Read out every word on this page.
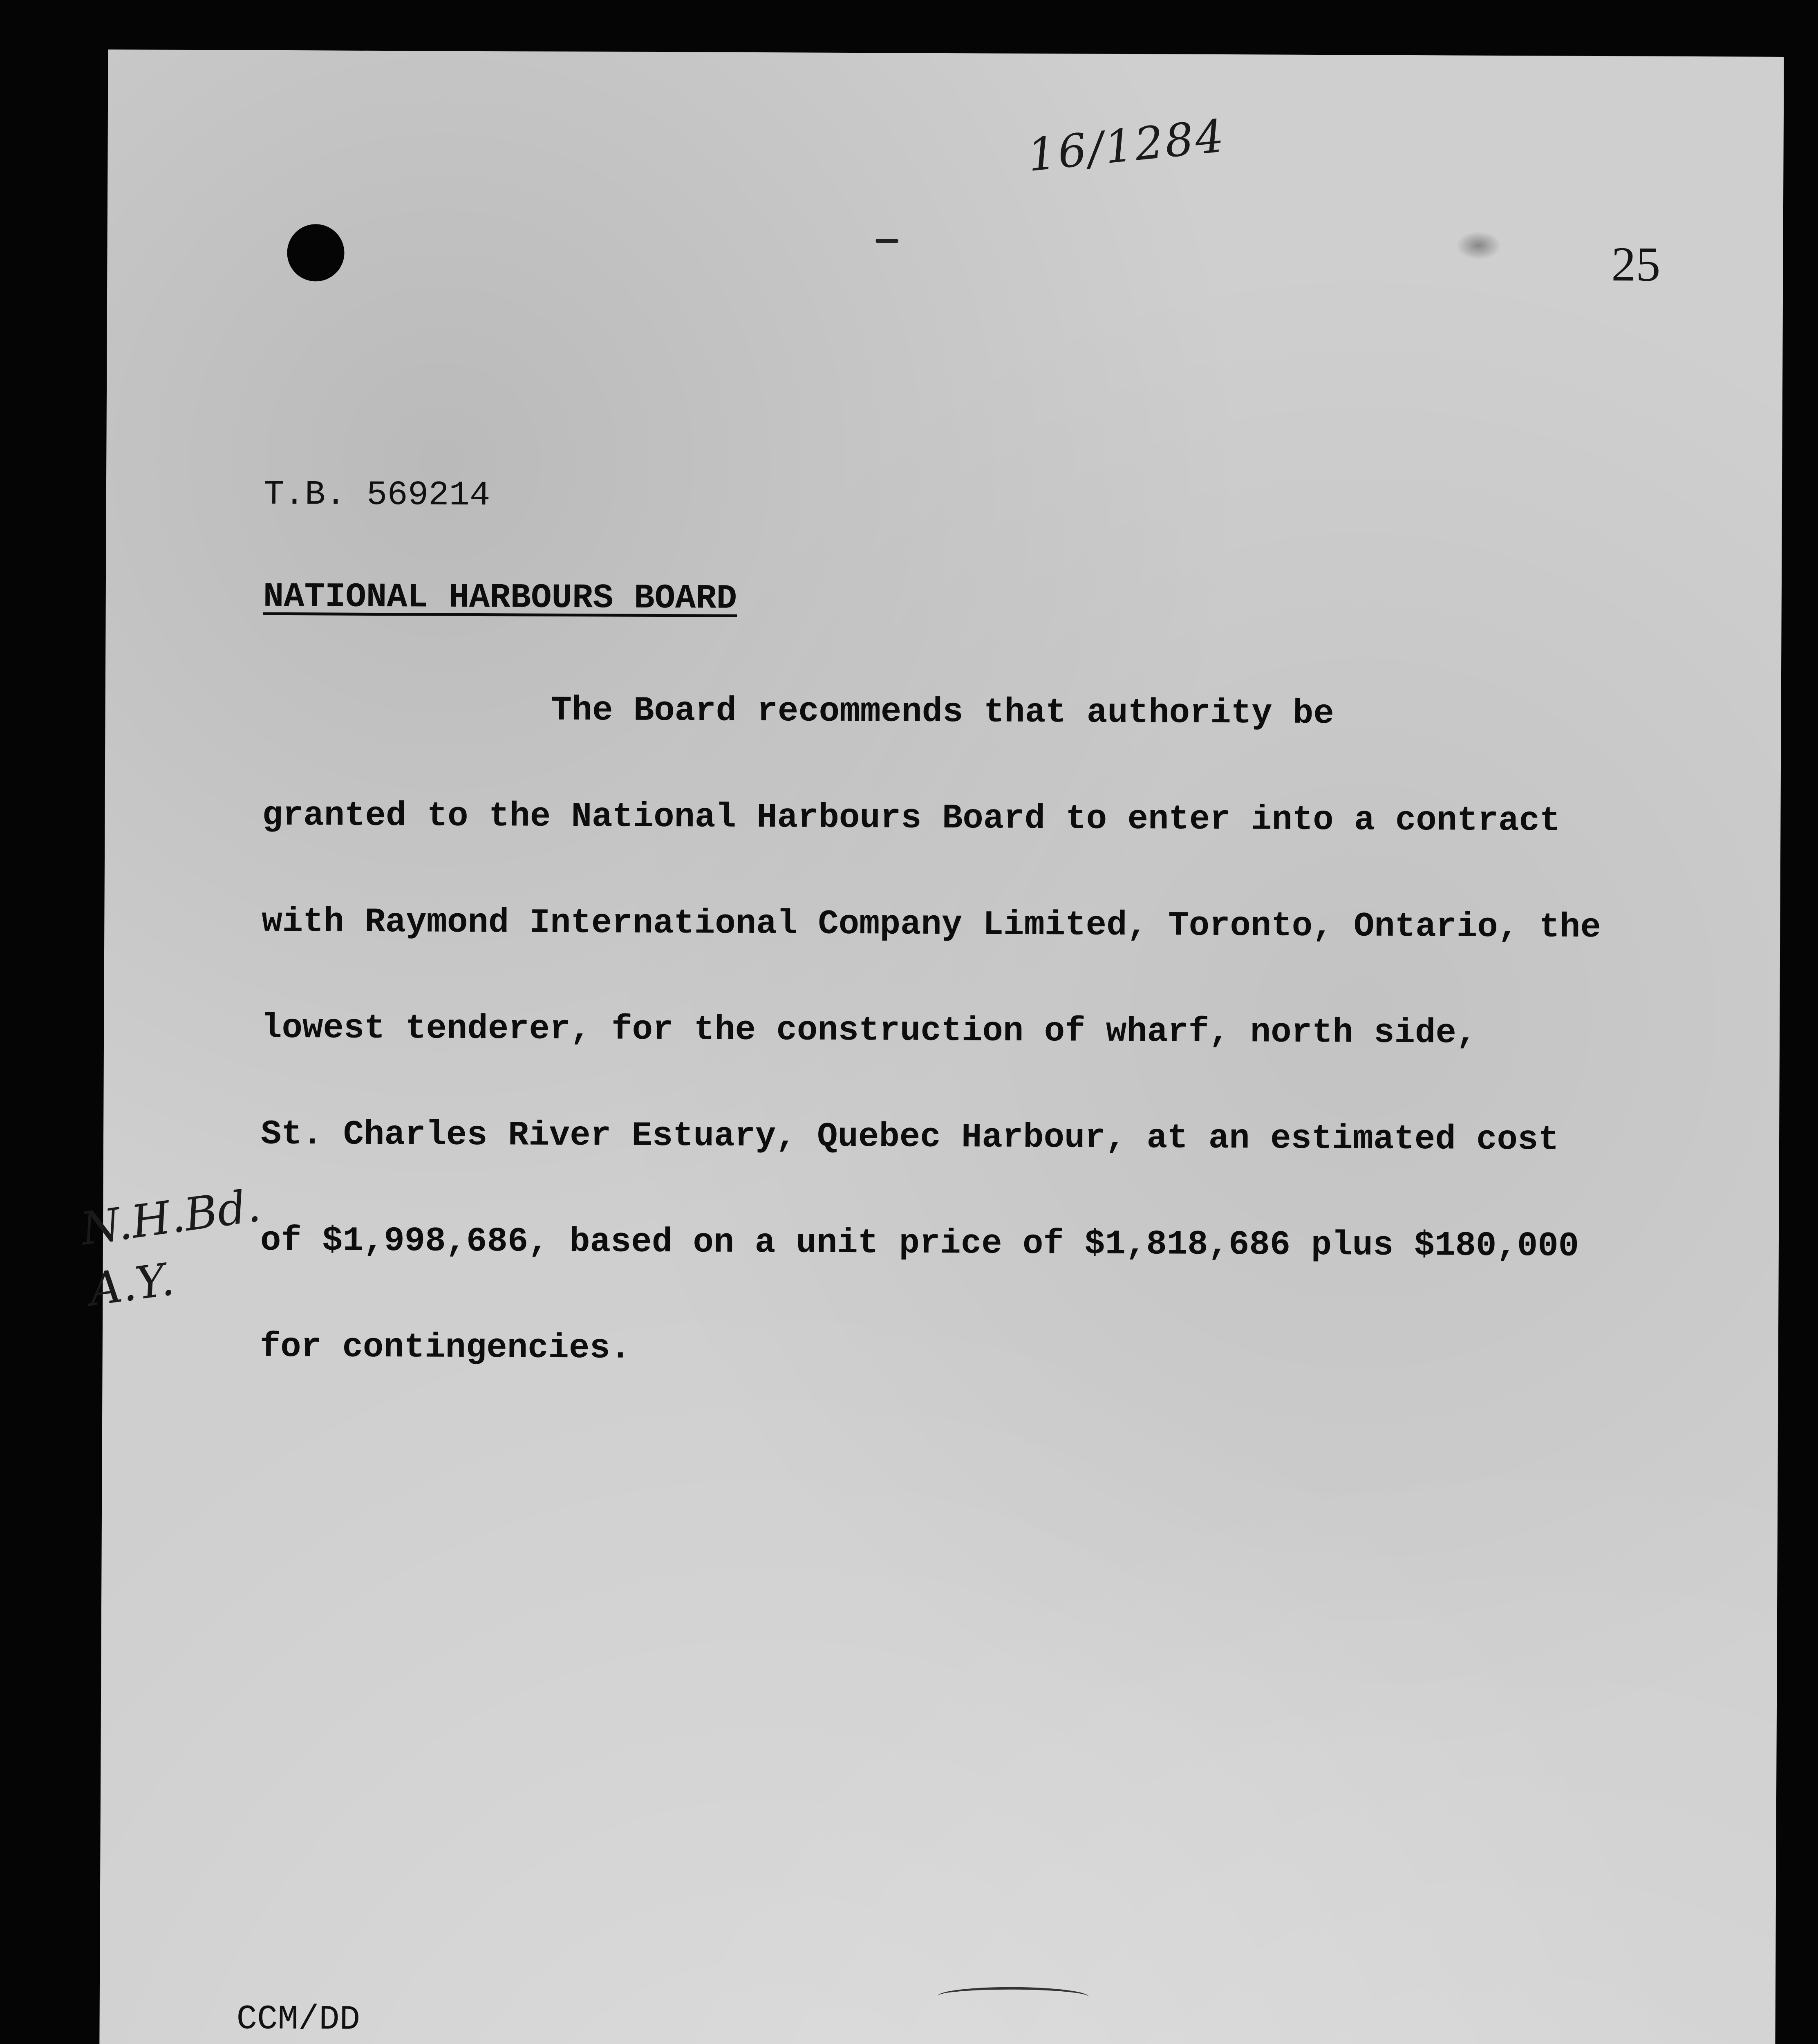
16/1284
25
T.B. 569214
NATIONAL HARBOURS BOARD
The Board recommends that authority be
granted to the National Harbours Board to enter into a contract
with Raymond International Company Limited, Toronto, Ontario, the
lowest tenderer, for the construction of wharf, north side,
St. Charles River Estuary, Quebec Harbour, at an estimated cost
of $1,998,686, based on a unit price of $1,818,686 plus $180,000
for contingencies.
N.H.Bd.
A.Y.
CCM/DD
